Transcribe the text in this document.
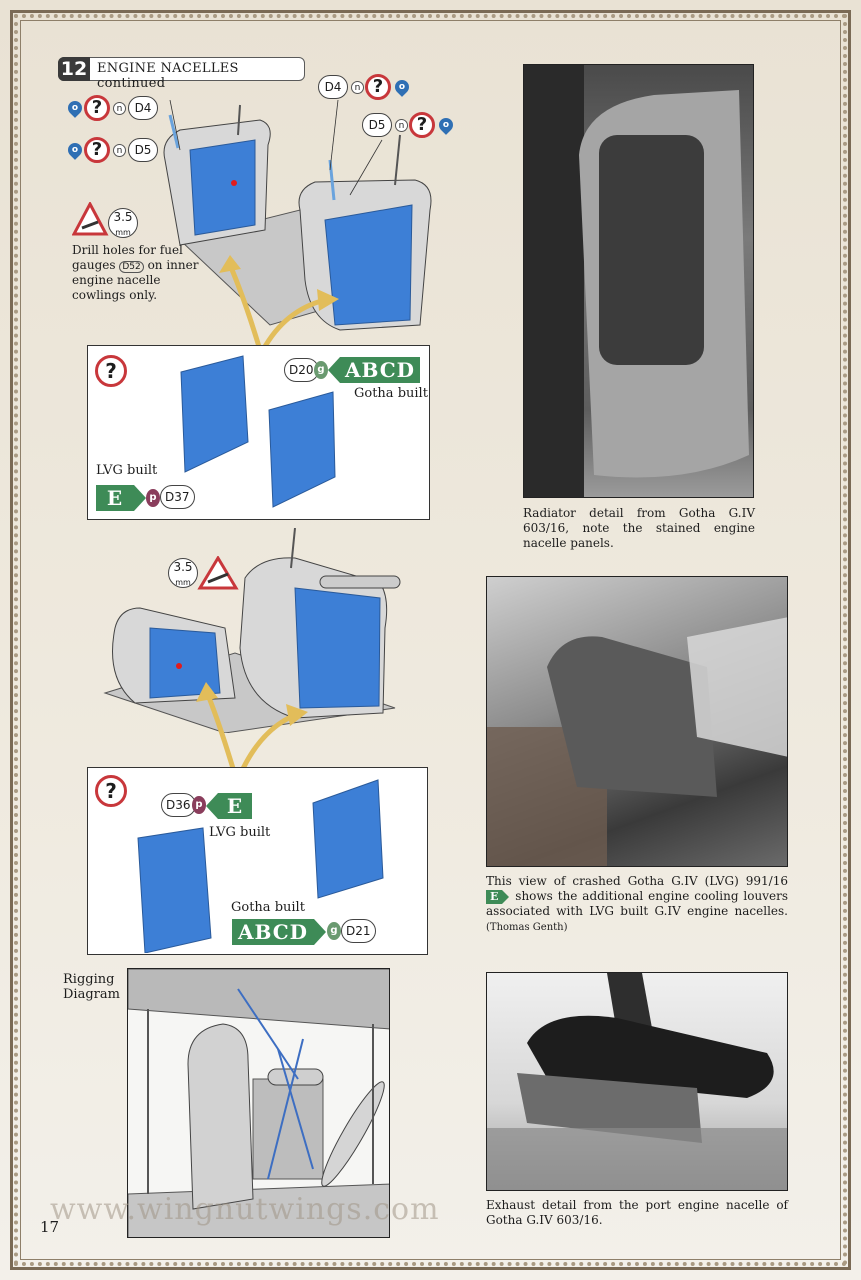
12 ENGINE NACELLES continued
o ?	n	D4
o ?	n	D5
D4	n ?	o
D5	n ?	o
3.5
mm
Drill holes for fuel gauges D52 on inner engine nacelle cowlings only.
?	D20 g ABCD
Gotha built
LVG built
E	p D37
3.5
mm
?
D36 p	E
LVG built
Gotha built
ABCD	g D21
Rigging
Diagram
Radiator detail from Gotha G.IV 603/16, note the stained engine nacelle panels.
This view of crashed Gotha G.IV (LVG) 991/16 E shows the additional engine cooling louvers associated with LVG built G.IV engine nacelles. (Thomas Genth)
Exhaust detail from the port engine nacelle of Gotha G.IV 603/16.
www.wingnutwings.com
17
